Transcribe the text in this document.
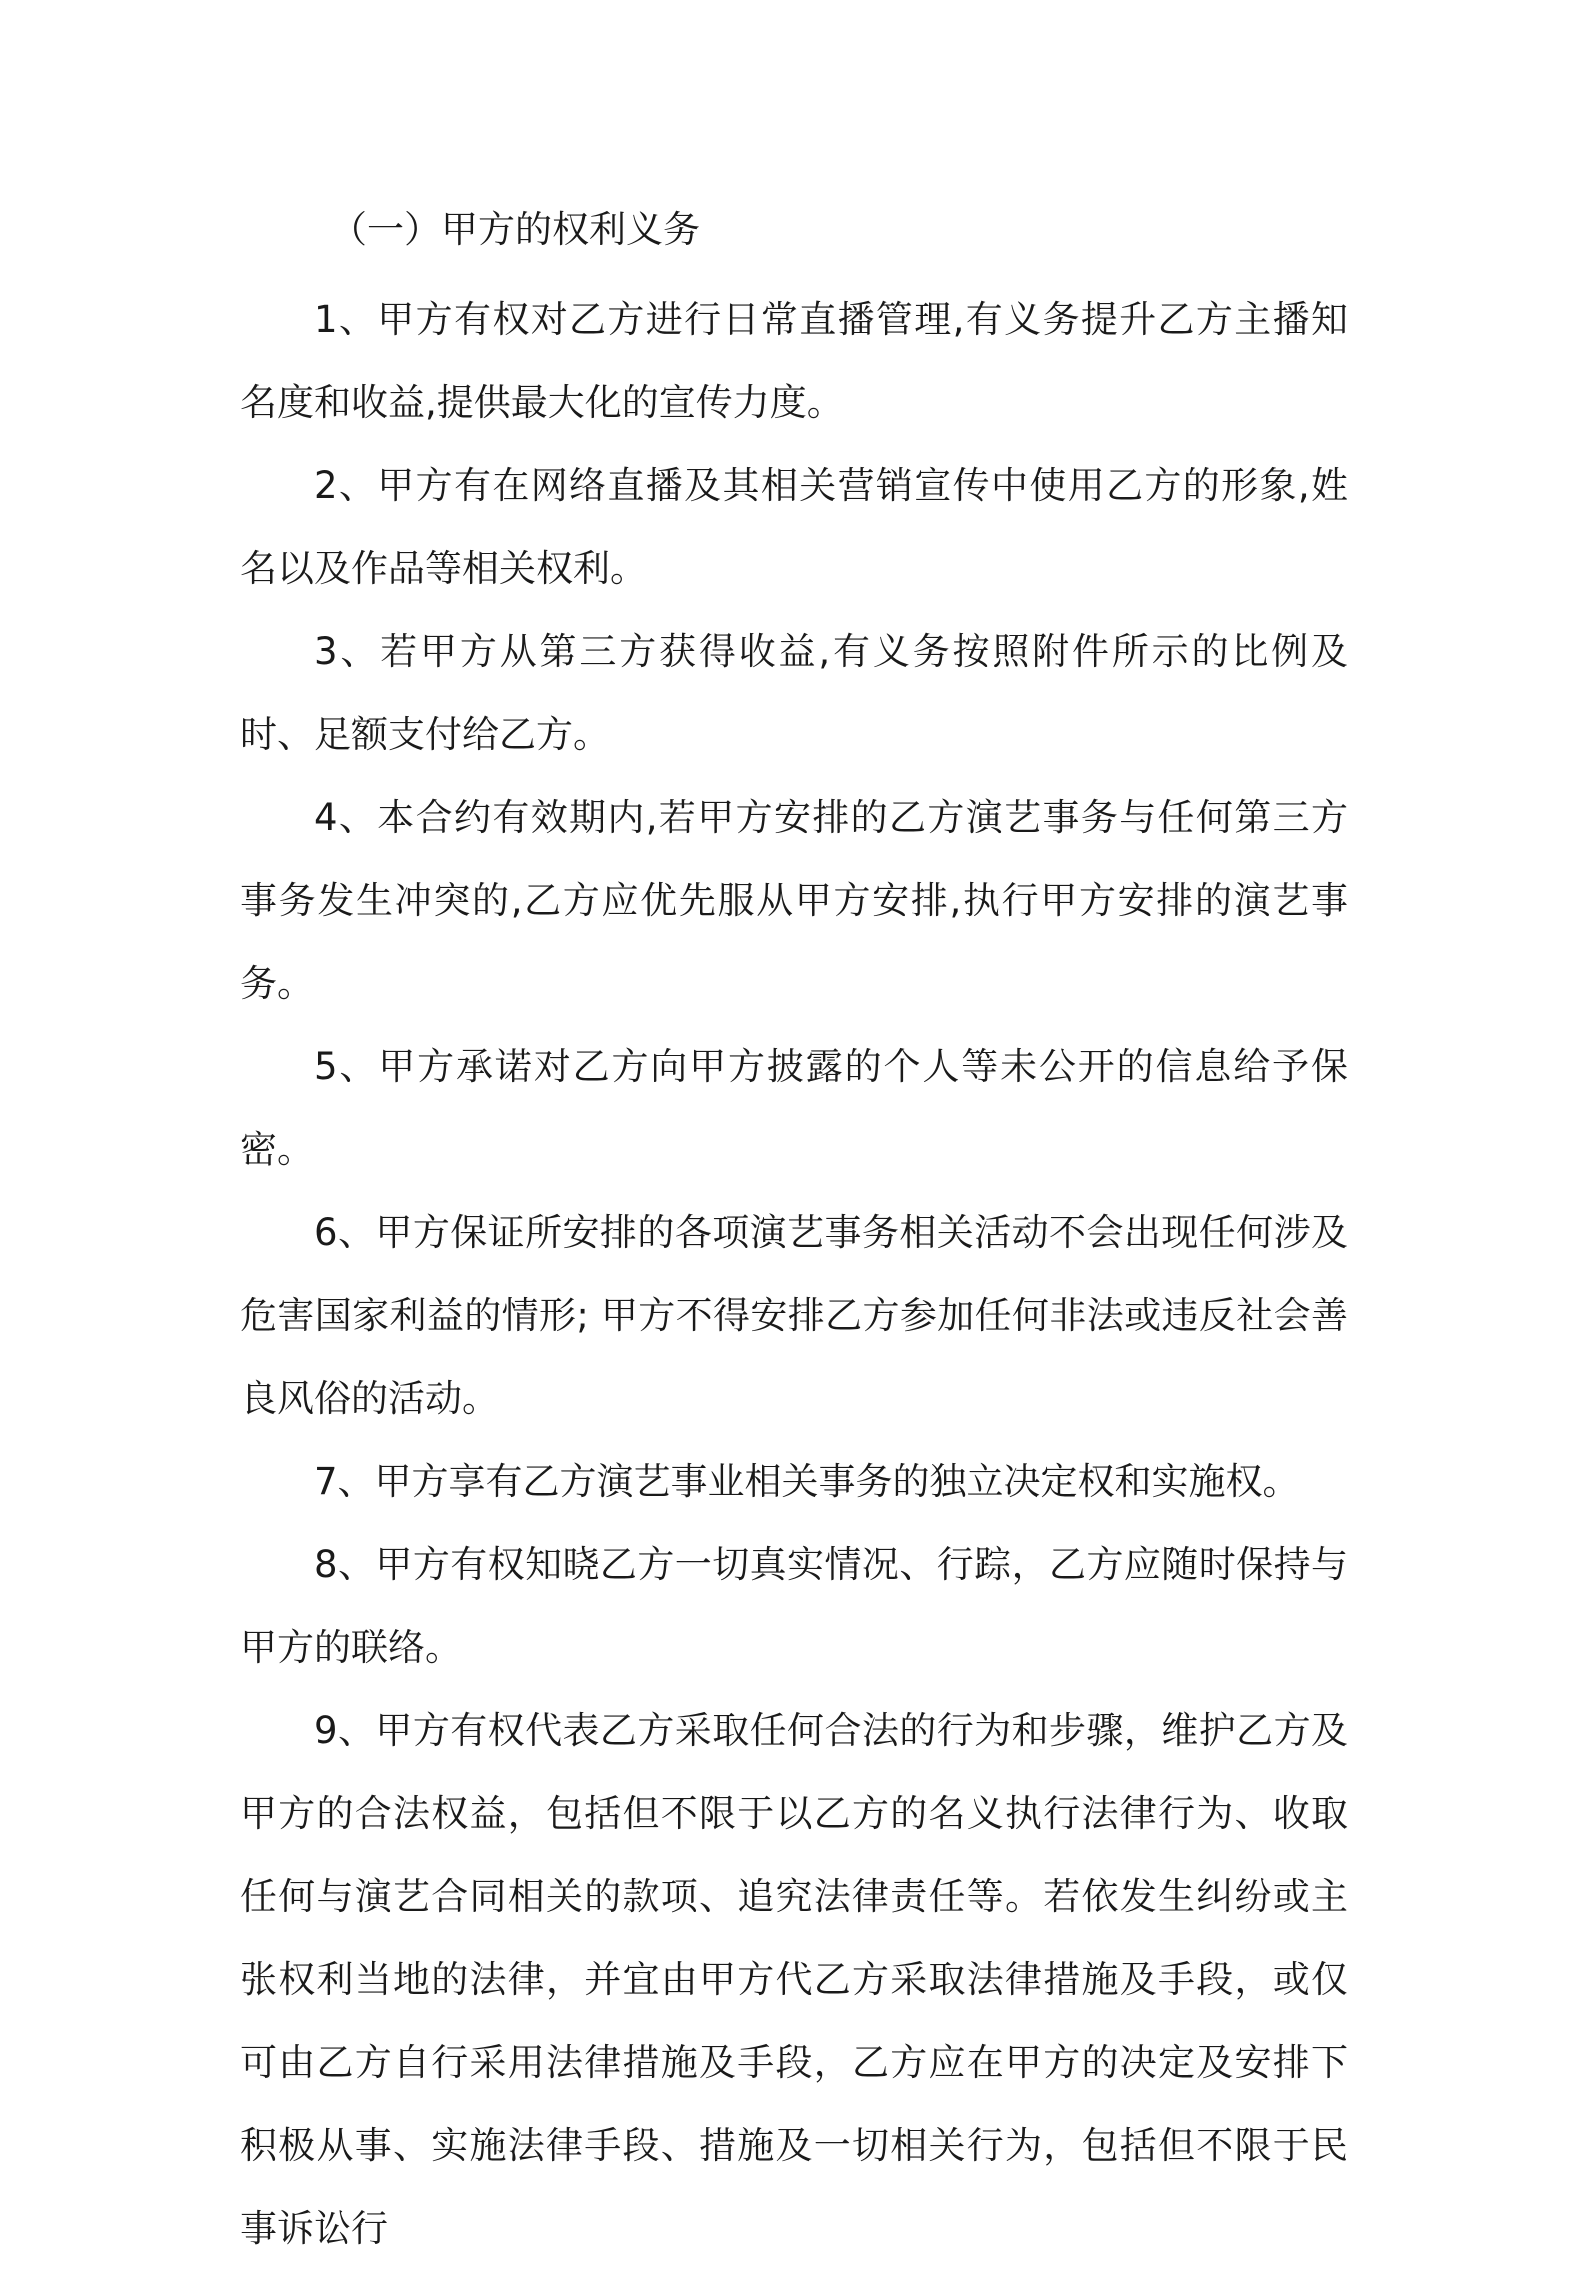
（一）甲方的权利义务

1、甲方有权对乙方进行日常直播管理,有义务提升乙方主播知名度和收益,提供最大化的宣传力度。

2、甲方有在网络直播及其相关营销宣传中使用乙方的形象,姓名以及作品等相关权利。

3、若甲方从第三方获得收益,有义务按照附件所示的比例及时、足额支付给乙方。

4、本合约有效期内,若甲方安排的乙方演艺事务与任何第三方事务发生冲突的,乙方应优先服从甲方安排,执行甲方安排的演艺事务。

5、甲方承诺对乙方向甲方披露的个人等未公开的信息给予保密。

6、甲方保证所安排的各项演艺事务相关活动不会出现任何涉及危害国家利益的情形; 甲方不得安排乙方参加任何非法或违反社会善良风俗的活动。

7、甲方享有乙方演艺事业相关事务的独立决定权和实施权。

8、甲方有权知晓乙方一切真实情况、行踪，乙方应随时保持与甲方的联络。

9、甲方有权代表乙方采取任何合法的行为和步骤，维护乙方及甲方的合法权益，包括但不限于以乙方的名义执行法律行为、收取任何与演艺合同相关的款项、追究法律责任等。若依发生纠纷或主张权利当地的法律，并宜由甲方代乙方采取法律措施及手段，或仅可由乙方自行采用法律措施及手段，乙方应在甲方的决定及安排下积极从事、实施法律手段、措施及一切相关行为，包括但不限于民事诉讼行
